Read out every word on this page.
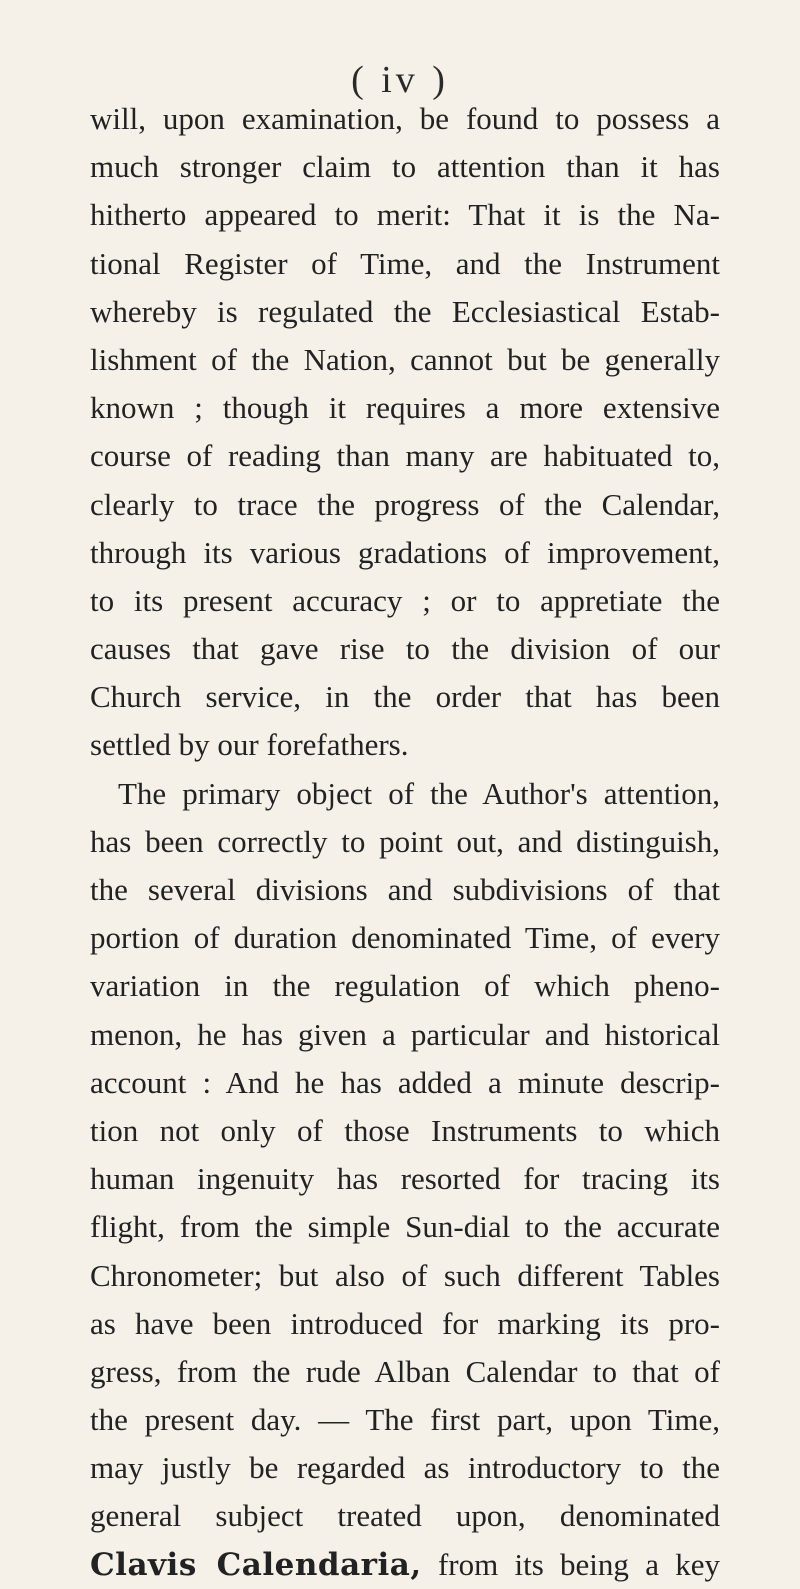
( iv )
will, upon examination, be found to possess a
much stronger claim to attention than it has
hitherto appeared to merit: That it is the Na-
tional Register of Time, and the Instrument
whereby is regulated the Ecclesiastical Estab-
lishment of the Nation, cannot but be generally
known ; though it requires a more extensive
course of reading than many are habituated to,
clearly to trace the progress of the Calendar,
through its various gradations of improvement,
to its present accuracy ; or to appretiate the
causes that gave rise to the division of our
Church service, in the order that has been
settled by our forefathers.
The primary object of the Author's attention,
has been correctly to point out, and distinguish,
the several divisions and subdivisions of that
portion of duration denominated Time, of every
variation in the regulation of which pheno-
menon, he has given a particular and historical
account : And he has added a minute descrip-
tion not only of those Instruments to which
human ingenuity has resorted for tracing its
flight, from the simple Sun-dial to the accurate
Chronometer; but also of such different Tables
as have been introduced for marking its pro-
gress, from the rude Alban Calendar to that of
the present day. — The first part, upon Time,
may justly be regarded as introductory to the
general subject treated upon, denominated
Clavis Calendaria, from its being a key
